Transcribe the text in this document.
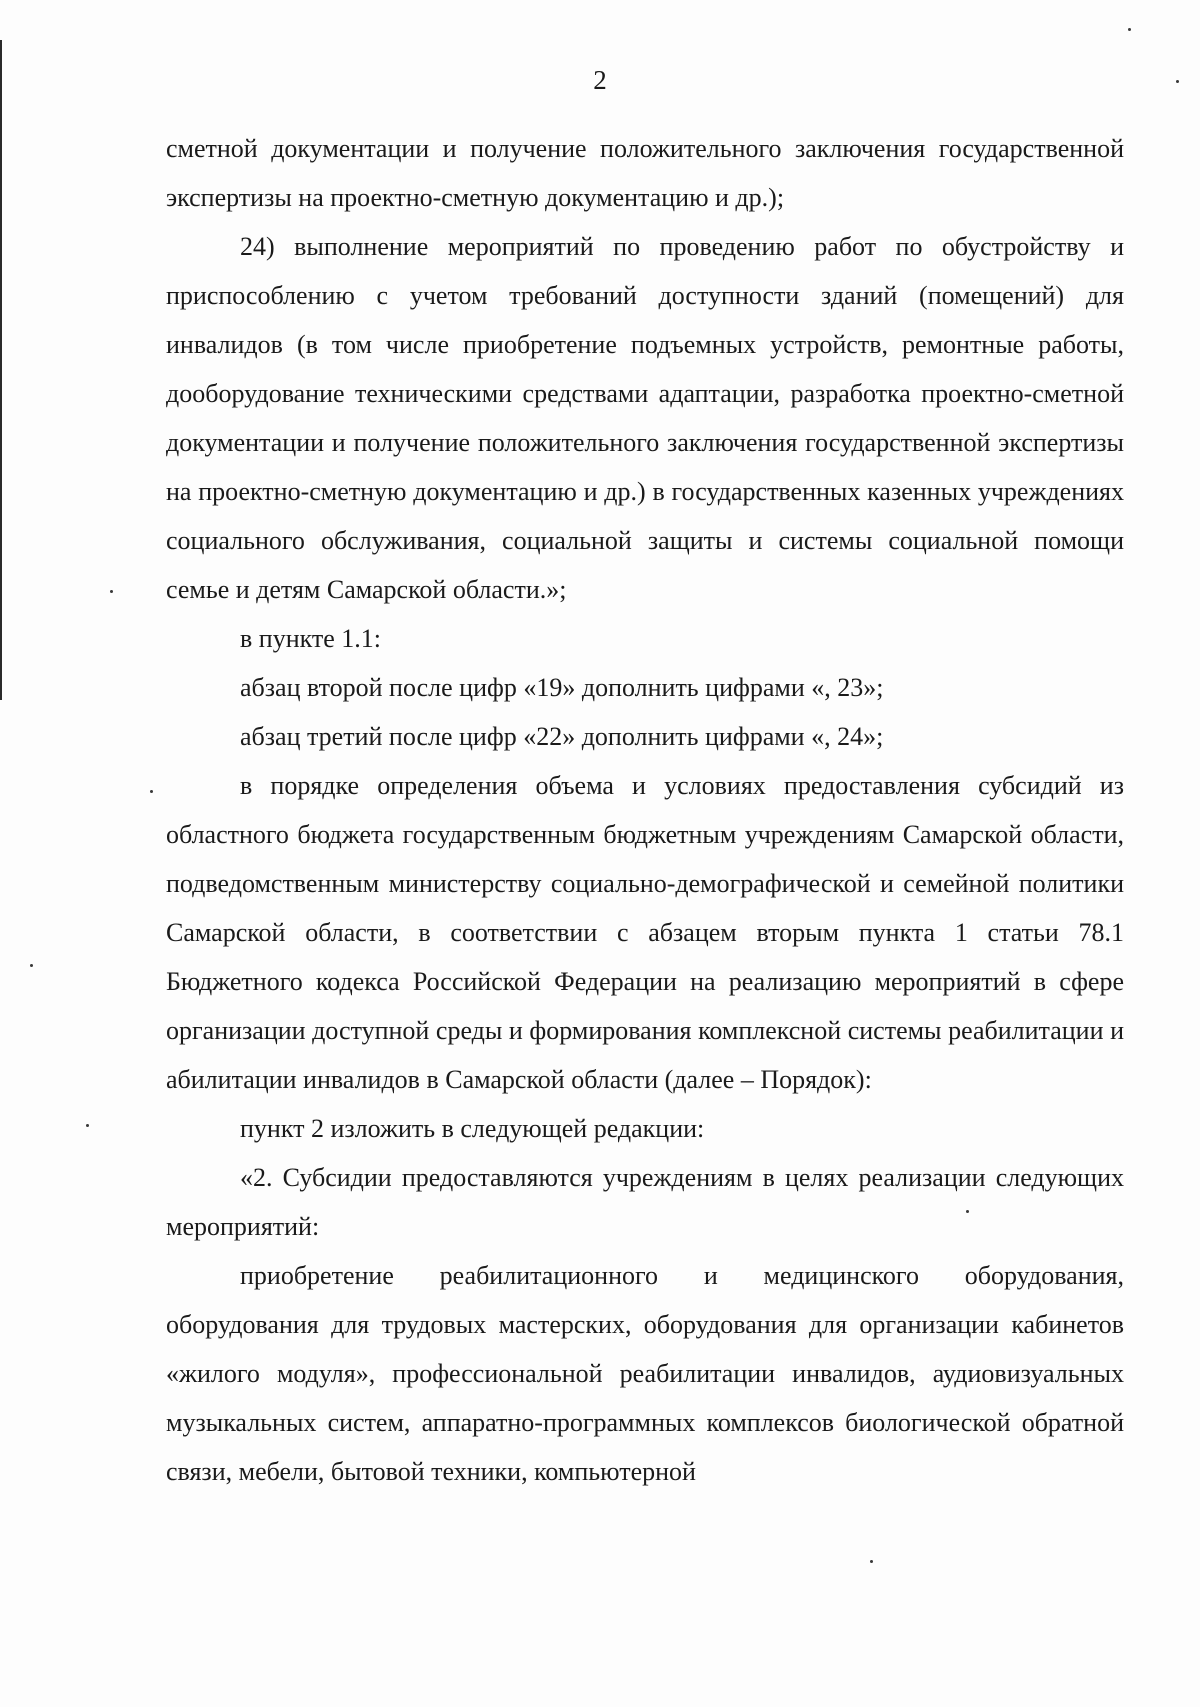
2

сметной документации и получение положительного заключения государственной экспертизы на проектно-сметную документацию и др.);

24) выполнение мероприятий по проведению работ по обустройству и приспособлению с учетом требований доступности зданий (помещений) для инвалидов (в том числе приобретение подъемных устройств, ремонтные работы, дооборудование техническими средствами адаптации, разработка проектно-сметной документации и получение положительного заключения государственной экспертизы на проектно-сметную документацию и др.) в государственных казенных учреждениях социального обслуживания, социальной защиты и системы социальной помощи семье и детям Самарской области.»;

в пункте 1.1:

абзац второй после цифр «19» дополнить цифрами «, 23»;

абзац третий после цифр «22» дополнить цифрами «, 24»;

в порядке определения объема и условиях предоставления субсидий из областного бюджета государственным бюджетным учреждениям Самарской области, подведомственным министерству социально-демографической и семейной политики Самарской области, в соответствии с абзацем вторым пункта 1 статьи 78.1 Бюджетного кодекса Российской Федерации на реализацию мероприятий в сфере организации доступной среды и формирования комплексной системы реабилитации и абилитации инвалидов в Самарской области (далее – Порядок):

пункт 2 изложить в следующей редакции:

«2. Субсидии предоставляются учреждениям в целях реализации следующих мероприятий:

приобретение реабилитационного и медицинского оборудования, оборудования для трудовых мастерских, оборудования для организации кабинетов «жилого модуля», профессиональной реабилитации инвалидов, аудиовизуальных музыкальных систем, аппаратно-программных комплексов биологической обратной связи, мебели, бытовой техники, компьютерной
